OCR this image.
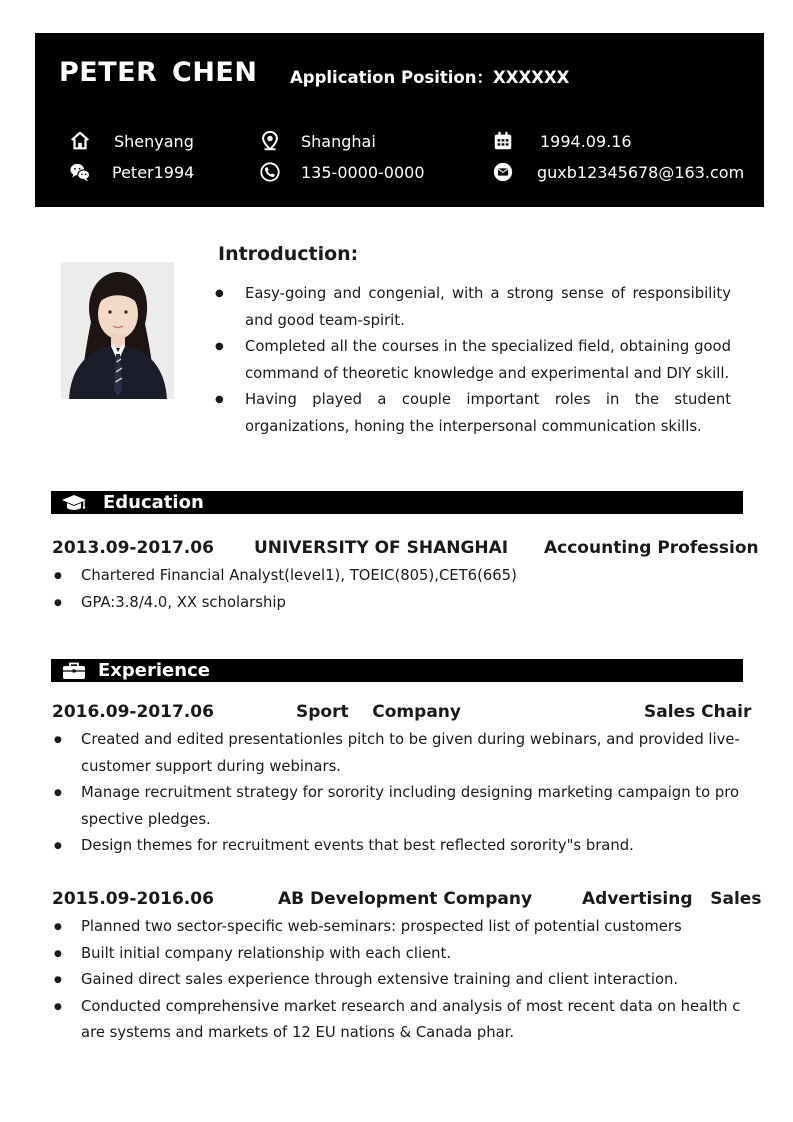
PETER CHEN Application Position：XXXXXX
Shenyang	Shanghai	1994.09.16
Peter1994	135-0000-0000	guxb12345678@163.com
Introduction:
● Easy-going and congenial, with a strong sense of responsibility and good team-spirit.
● Completed all the courses in the specialized field, obtaining good command of theoretic knowledge and experimental and DIY skill.
● Having played a couple important roles in the student organizations, honing the interpersonal communication skills.
Education
2013.09-2017.06 UNIVERSITY OF SHANGHAI Accounting Profession
● Chartered Financial Analyst(level1), TOEIC(805),CET6(665)
● GPA:3.8/4.0, XX scholarship
Experience
2016.09-2017.06	Sport    Company	Sales Chair
● Created and edited presentationles pitch to be given during webinars, and provided live-customer support during webinars.
● Manage recruitment strategy for sorority including designing marketing campaign to prospective pledges.
● Design themes for recruitment events that best reflected sorority"s brand.
2015.09-2016.06	AB Development Company	Advertising   Sales
● Planned two sector-specific web-seminars: prospected list of potential customers
● Built initial company relationship with each client.
● Gained direct sales experience through extensive training and client interaction.
● Conducted comprehensive market research and analysis of most recent data on health care systems and markets of 12 EU nations & Canada phar.
